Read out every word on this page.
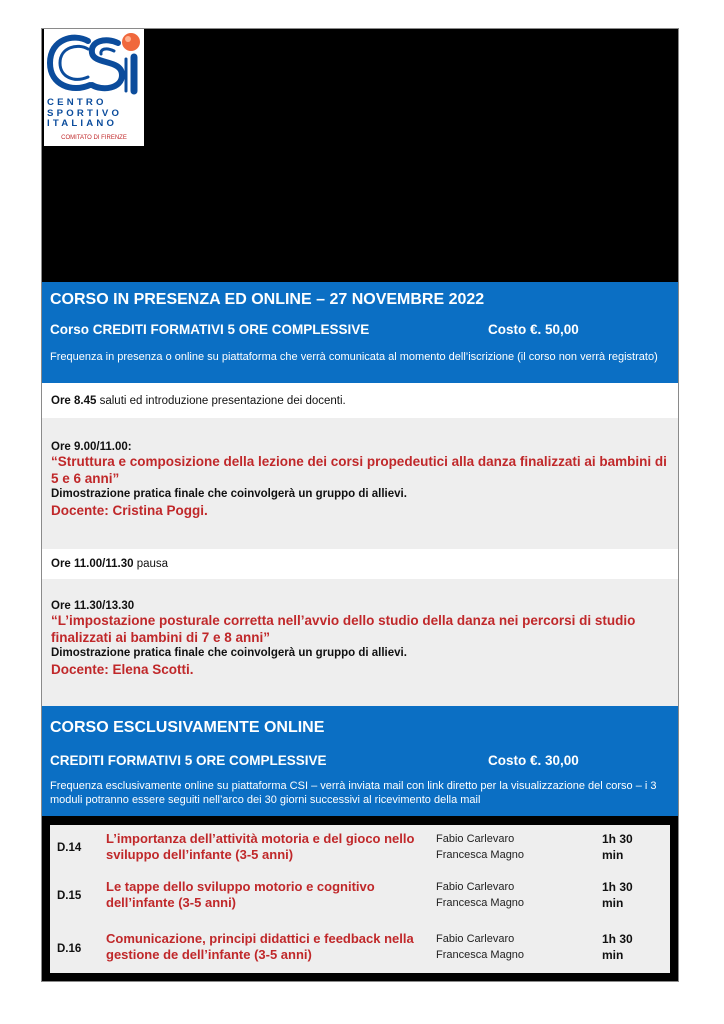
CENTRO
SPORTIVO
ITALIANO
COMITATO DI FIRENZE
CORSO IN PRESENZA ED ONLINE – 27 NOVEMBRE 2022
Corso CREDITI FORMATIVI 5 ORE COMPLESSIVE	Costo €. 50,00
Frequenza in presenza o online su piattaforma che verrà comunicata al momento dell’iscrizione (il corso non verrà registrato)
Ore 8.45 saluti ed introduzione presentazione dei docenti.
Ore 9.00/11.00:
“Struttura e composizione della lezione dei corsi propedeutici alla danza finalizzati ai bambini di 5 e 6 anni”
Dimostrazione pratica finale che coinvolgerà un gruppo di allievi.
Docente: Cristina Poggi.
Ore 11.00/11.30 pausa
Ore 11.30/13.30
“L’impostazione posturale corretta nell’avvio dello studio della danza nei percorsi di studio finalizzati ai bambini di 7 e 8 anni”
Dimostrazione pratica finale che coinvolgerà un gruppo di allievi.
Docente: Elena Scotti.
CORSO ESCLUSIVAMENTE ONLINE
CREDITI FORMATIVI 5 ORE COMPLESSIVE	Costo €. 30,00
Frequenza esclusivamente online su piattaforma CSI – verrà inviata mail con link diretto per la visualizzazione del corso – i 3 moduli potranno essere seguiti nell’arco dei 30 giorni successivi al ricevimento della mail
D.14
L’importanza dell’attività motoria e del gioco nello sviluppo dell’infante (3-5 anni)
Fabio Carlevaro
Francesca Magno
1h 30
min
D.15
Le tappe dello sviluppo motorio e cognitivo dell’infante (3-5 anni)
Fabio Carlevaro
Francesca Magno
1h 30
min
D.16
Comunicazione, principi didattici e feedback nella gestione de dell’infante (3-5 anni)
Fabio Carlevaro
Francesca Magno
1h 30
min
